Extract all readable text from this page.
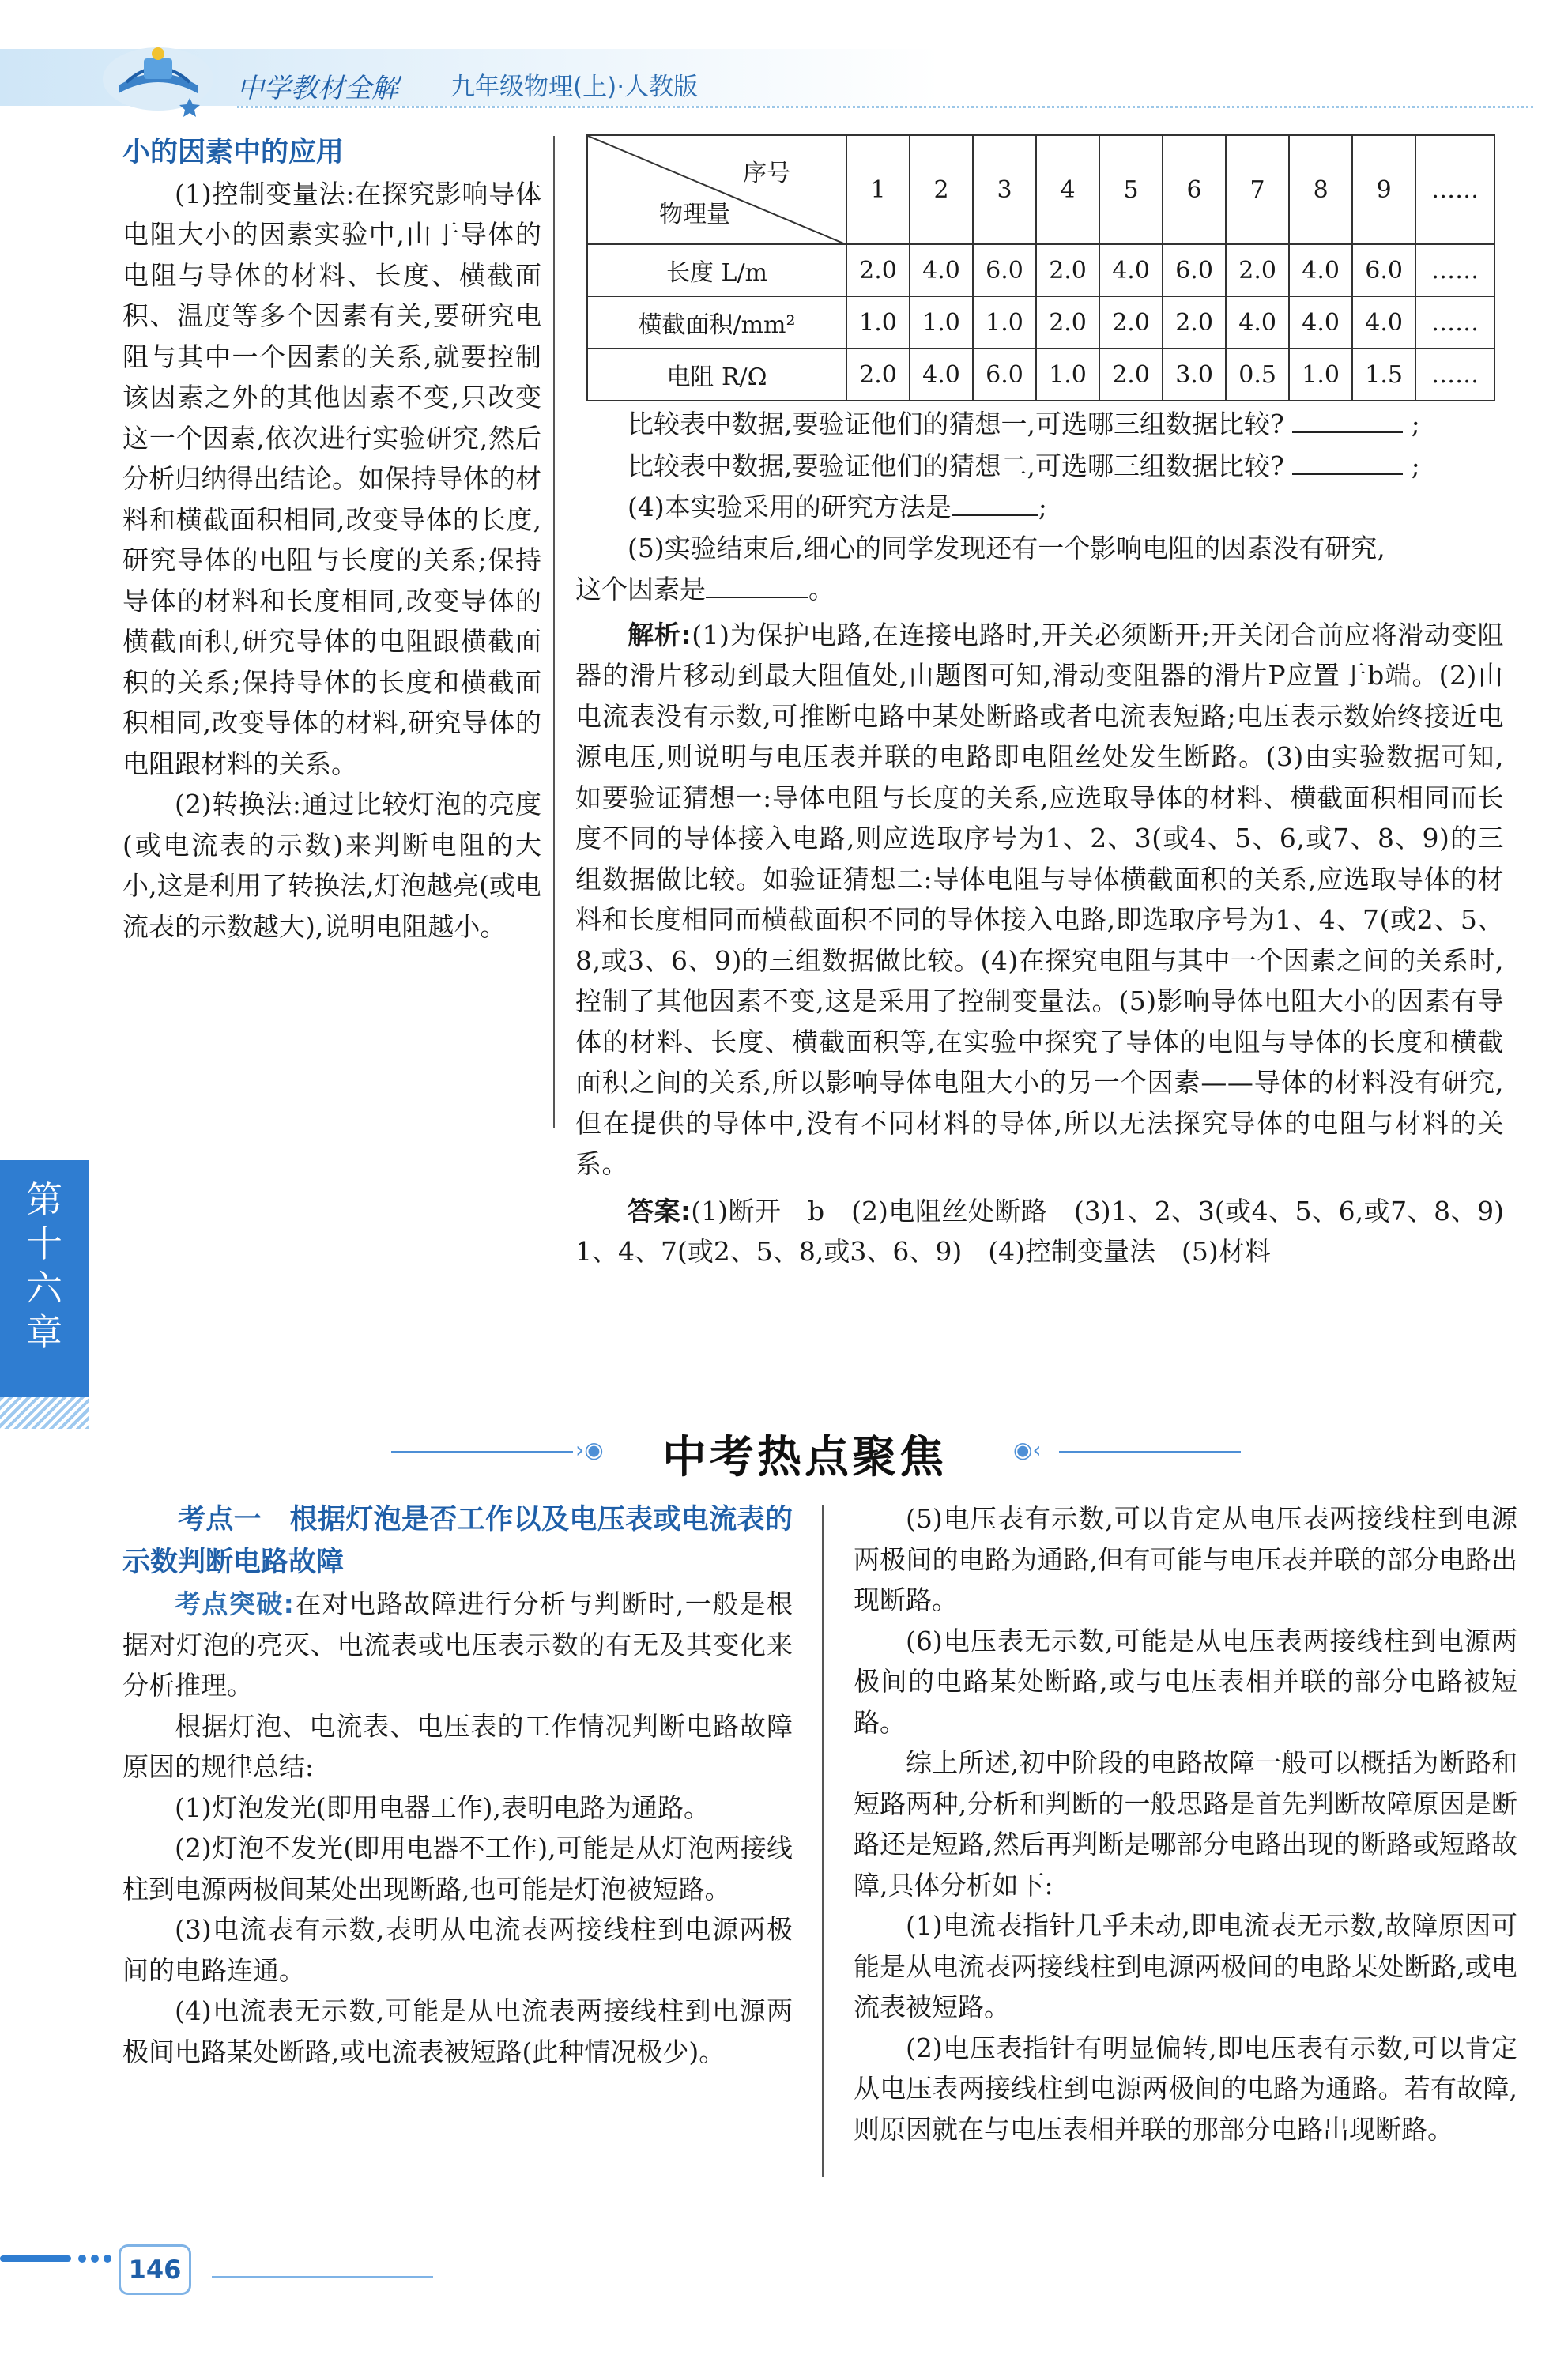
中学教材全解 九年级物理(上)·人教版
第十六章

小的因素中的应用

(1)控制变量法:在探究影响导体电阻大小的因素实验中,由于导体的电阻与导体的材料、长度、横截面积、温度等多个因素有关,要研究电阻与其中一个因素的关系,就要控制该因素之外的其他因素不变,只改变这一个因素,依次进行实验研究,然后分析归纳得出结论。如保持导体的材料和横截面积相同,改变导体的长度,研究导体的电阻与长度的关系;保持导体的材料和长度相同,改变导体的横截面积,研究导体的电阻跟横截面积的关系;保持导体的长度和横截面积相同,改变导体的材料,研究导体的电阻跟材料的关系。

(2)转换法:通过比较灯泡的亮度(或电流表的示数)来判断电阻的大小,这是利用了转换法,灯泡越亮(或电流表的示数越大),说明电阻越小。

序号
物理量	1	2	3	4	5	6	7	8	9	……
长度 L/m	2.0	4.0	6.0	2.0	4.0	6.0	2.0	4.0	6.0	……
横截面积/mm²	1.0	1.0	1.0	2.0	2.0	2.0	4.0	4.0	4.0	……
电阻 R/Ω	2.0	4.0	6.0	1.0	2.0	3.0	0.5	1.0	1.5	……

比较表中数据,要验证他们的猜想一,可选哪三组数据比较?	;

比较表中数据,要验证他们的猜想二,可选哪三组数据比较?	;

(4)本实验采用的研究方法是	;

(5)实验结束后,细心的同学发现还有一个影响电阻的因素没有研究,

这个因素是	。

解析:(1)为保护电路,在连接电路时,开关必须断开;开关闭合前应将滑动变阻器的滑片移动到最大阻值处,由题图可知,滑动变阻器的滑片P应置于b端。(2)由电流表没有示数,可推断电路中某处断路或者电流表短路;电压表示数始终接近电源电压,则说明与电压表并联的电路即电阻丝处发生断路。(3)由实验数据可知,如要验证猜想一:导体电阻与长度的关系,应选取导体的材料、横截面积相同而长度不同的导体接入电路,则应选取序号为1、2、3(或4、5、6,或7、8、9)的三组数据做比较。如验证猜想二:导体电阻与导体横截面积的关系,应选取导体的材料和长度相同而横截面积不同的导体接入电路,即选取序号为1、4、7(或2、5、8,或3、6、9)的三组数据做比较。(4)在探究电阻与其中一个因素之间的关系时,控制了其他因素不变,这是采用了控制变量法。(5)影响导体电阻大小的因素有导体的材料、长度、横截面积等,在实验中探究了导体的电阻与导体的长度和横截面积之间的关系,所以影响导体电阻大小的另一个因素——导体的材料没有研究,但在提供的导体中,没有不同材料的导体,所以无法探究导体的电阻与材料的关系。

答案:(1)断开　b　(2)电阻丝处断路　(3)1、2、3(或4、5、6,或7、8、9)　1、4、7(或2、5、8,或3、6、9)　(4)控制变量法　(5)材料

›◉ 中考热点聚焦	◉‹

考点一　根据灯泡是否工作以及电压表或电流表的示数判断电路故障

考点突破:在对电路故障进行分析与判断时,一般是根据对灯泡的亮灭、电流表或电压表示数的有无及其变化来分析推理。

根据灯泡、电流表、电压表的工作情况判断电路故障原因的规律总结:

(1)灯泡发光(即用电器工作),表明电路为通路。

(2)灯泡不发光(即用电器不工作),可能是从灯泡两接线柱到电源两极间某处出现断路,也可能是灯泡被短路。

(3)电流表有示数,表明从电流表两接线柱到电源两极间的电路连通。

(4)电流表无示数,可能是从电流表两接线柱到电源两极间电路某处断路,或电流表被短路(此种情况极少)。

(5)电压表有示数,可以肯定从电压表两接线柱到电源两极间的电路为通路,但有可能与电压表并联的部分电路出现断路。

(6)电压表无示数,可能是从电压表两接线柱到电源两极间的电路某处断路,或与电压表相并联的部分电路被短路。

综上所述,初中阶段的电路故障一般可以概括为断路和短路两种,分析和判断的一般思路是首先判断故障原因是断路还是短路,然后再判断是哪部分电路出现的断路或短路故障,具体分析如下:

(1)电流表指针几乎未动,即电流表无示数,故障原因可能是从电流表两接线柱到电源两极间的电路某处断路,或电流表被短路。

(2)电压表指针有明显偏转,即电压表有示数,可以肯定从电压表两接线柱到电源两极间的电路为通路。若有故障,则原因就在与电压表相并联的那部分电路出现断路。

146
